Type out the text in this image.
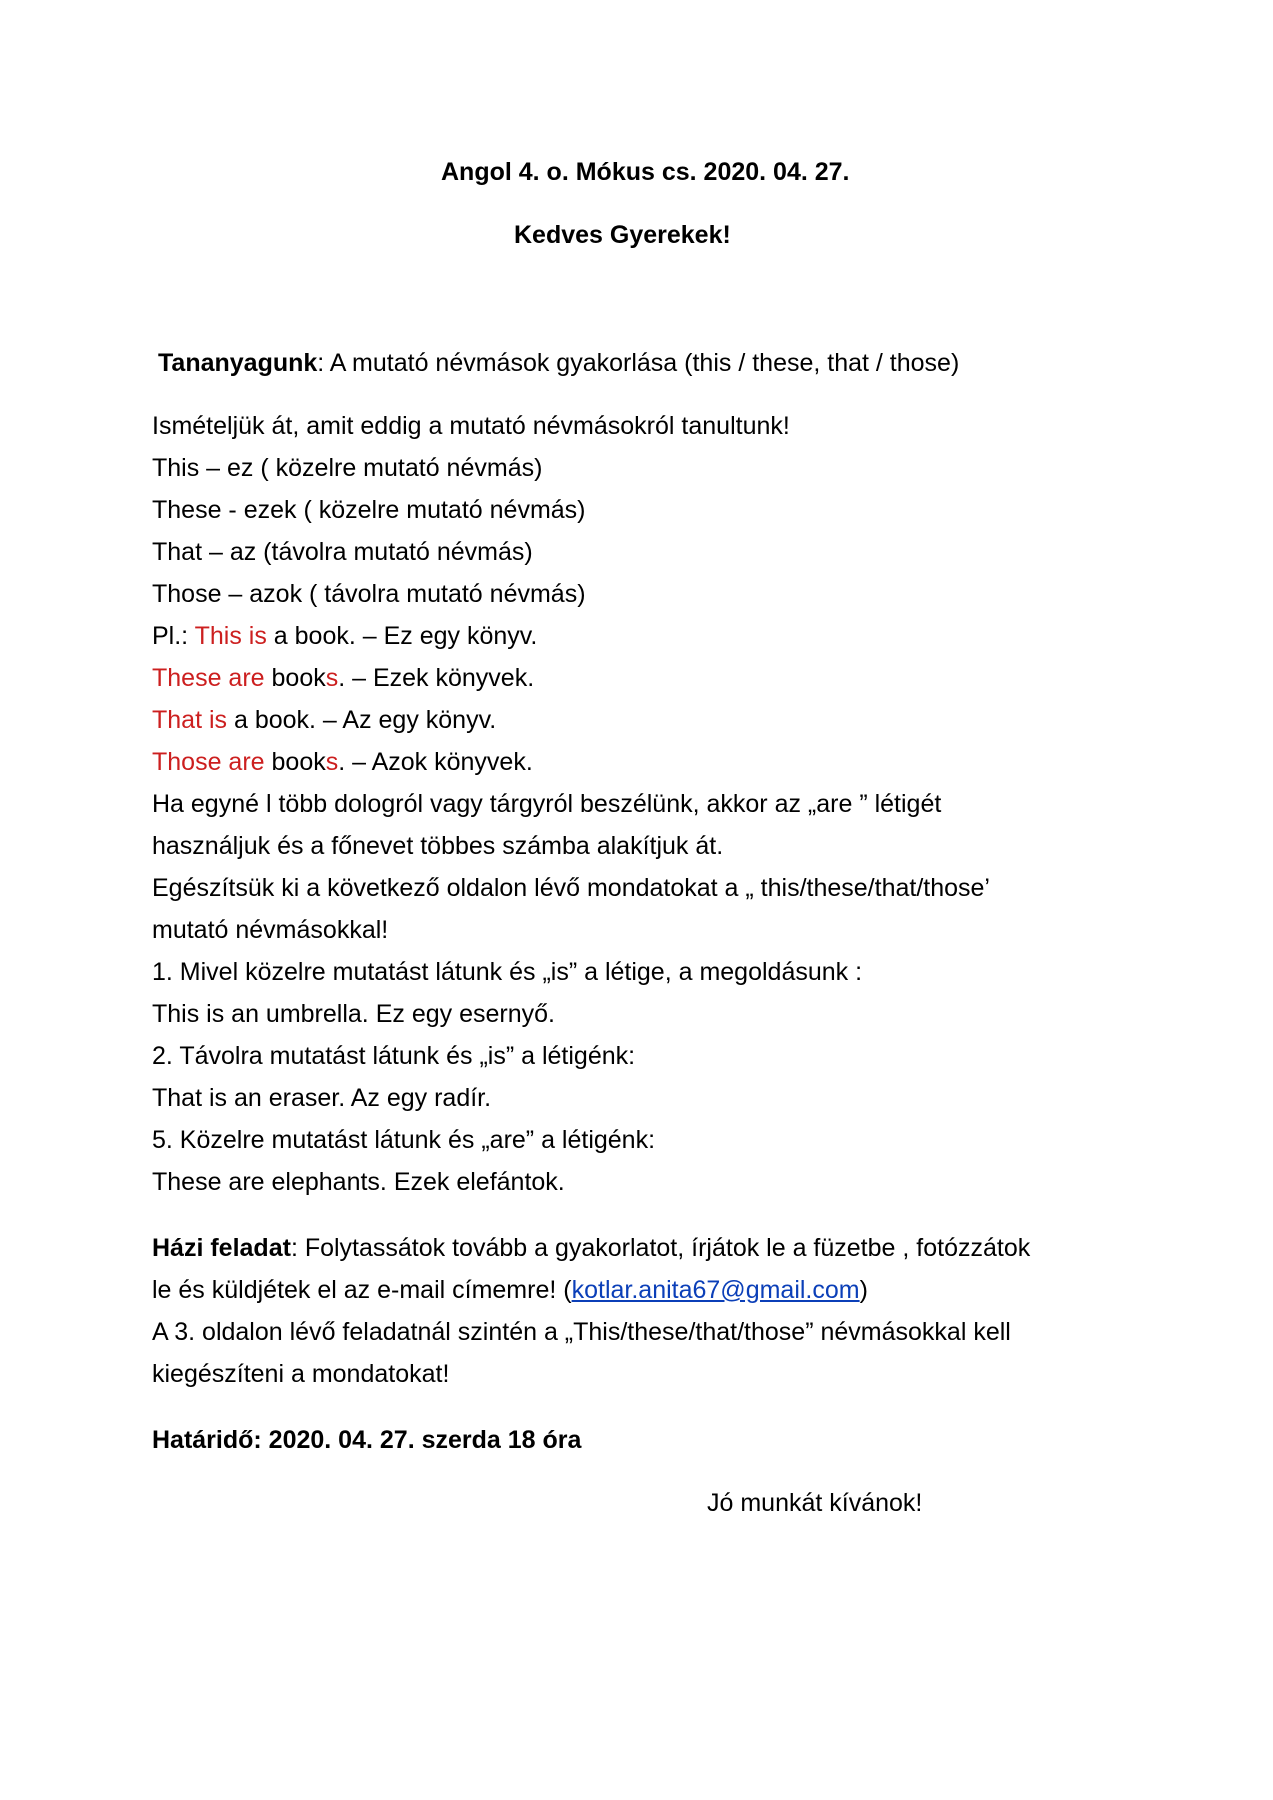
Angol 4. o. Mókus cs. 2020. 04. 27.
Kedves Gyerekek!
Tananyagunk: A mutató névmások gyakorlása (this / these, that / those)
Ismételjük át, amit eddig a mutató névmásokról tanultunk!
This – ez ( közelre mutató névmás)
These - ezek ( közelre mutató névmás)
That – az (távolra mutató névmás)
Those – azok ( távolra mutató névmás)
Pl.: This is a book. – Ez egy könyv.
These are books. – Ezek könyvek.
That is a book. – Az egy könyv.
Those are books. – Azok könyvek.
Ha egyné l több dologról vagy tárgyról beszélünk, akkor az „are ” létigét
használjuk és a főnevet többes számba alakítjuk át.
Egészítsük ki a következő oldalon lévő mondatokat a „ this/these/that/those’
mutató névmásokkal!
1. Mivel közelre mutatást látunk és „is” a létige, a megoldásunk :
This is an umbrella. Ez egy esernyő.
2. Távolra mutatást látunk és „is” a létigénk:
That is an eraser. Az egy radír.
5. Közelre mutatást látunk és „are” a létigénk:
These are elephants. Ezek elefántok.
Házi feladat: Folytassátok tovább a gyakorlatot, írjátok le a füzetbe , fotózzátok
le és küldjétek el az e-mail címemre! (kotlar.anita67@gmail.com)
A 3. oldalon lévő feladatnál szintén a „This/these/that/those” névmásokkal kell
kiegészíteni a mondatokat!
Határidő: 2020. 04. 27. szerda 18 óra
Jó munkát kívánok!
